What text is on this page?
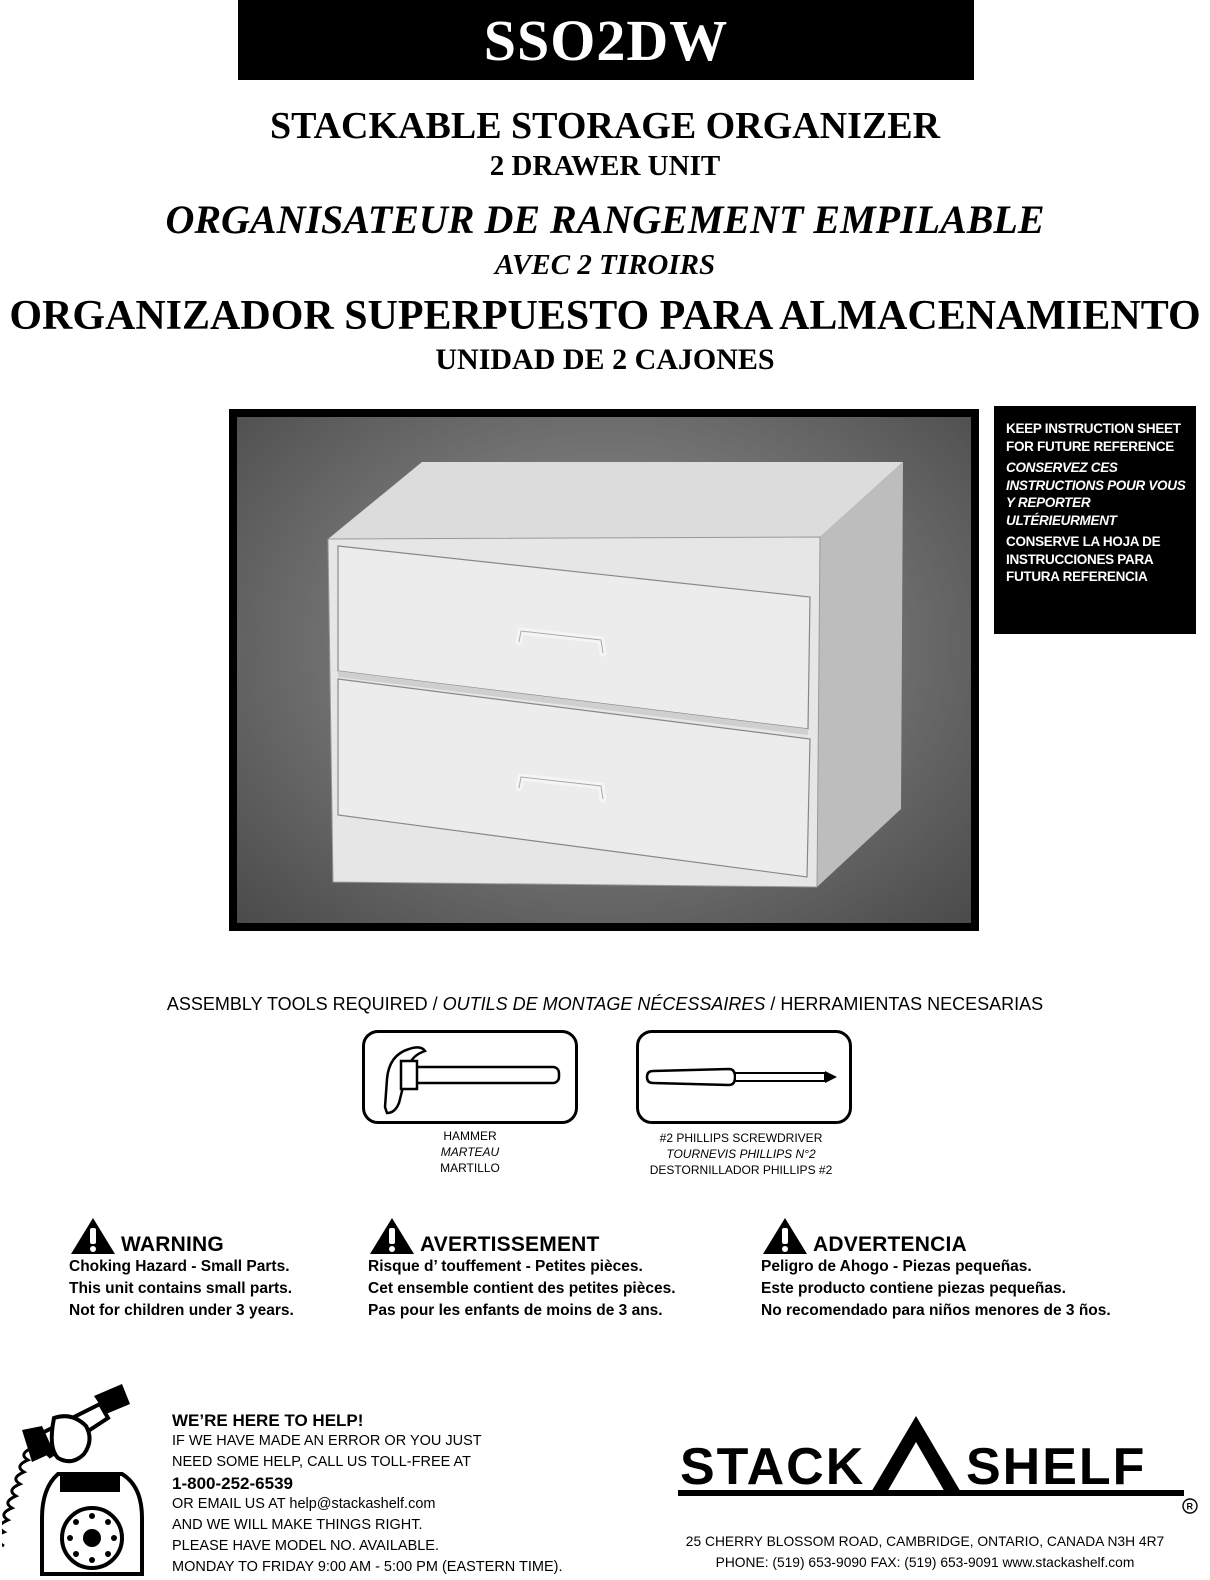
SSO2DW
STACKABLE STORAGE ORGANIZER
2 DRAWER UNIT
ORGANISATEUR DE RANGEMENT EMPILABLE
AVEC 2 TIROIRS
ORGANIZADOR SUPERPUESTO PARA ALMACENAMIENTO
UNIDAD DE 2 CAJONES

KEEP INSTRUCTION SHEET FOR FUTURE REFERENCE

CONSERVEZ CES INSTRUCTIONS POUR VOUS Y REPORTER ULTÉRIEURMENT

CONSERVE LA HOJA DE INSTRUCCIONES PARA FUTURA REFERENCIA

ASSEMBLY TOOLS REQUIRED / OUTILS DE MONTAGE NÉCESSAIRES / HERRAMIENTAS NECESARIAS
HAMMER
MARTEAU
MARTILLO
#2 PHILLIPS SCREWDRIVER
TOURNEVIS PHILLIPS N°2
DESTORNILLADOR PHILLIPS #2
WARNING
Choking Hazard - Small Parts.
This unit contains small parts.
Not for children under 3 years.
AVERTISSEMENT
Risque d’ touffement - Petites pièces.
Cet ensemble contient des petites pièces.
Pas pour les enfants de moins de 3 ans.
ADVERTENCIA
Peligro de Ahogo - Piezas pequeñas.
Este producto contiene piezas pequeñas.
No recomendado para niños menores de 3 ños.
WE’RE HERE TO HELP!
IF WE HAVE MADE AN ERROR OR YOU JUST
NEED SOME HELP, CALL US TOLL-FREE AT
1-800-252-6539
OR EMAIL US AT help@stackashelf.com
AND WE WILL MAKE THINGS RIGHT.
PLEASE HAVE MODEL NO. AVAILABLE.
MONDAY TO FRIDAY 9:00 AM - 5:00 PM (EASTERN TIME).
STACK SHELF
R
25 CHERRY BLOSSOM ROAD, CAMBRIDGE, ONTARIO, CANADA N3H 4R7
PHONE: (519) 653-9090 FAX: (519) 653-9091 www.stackashelf.com
